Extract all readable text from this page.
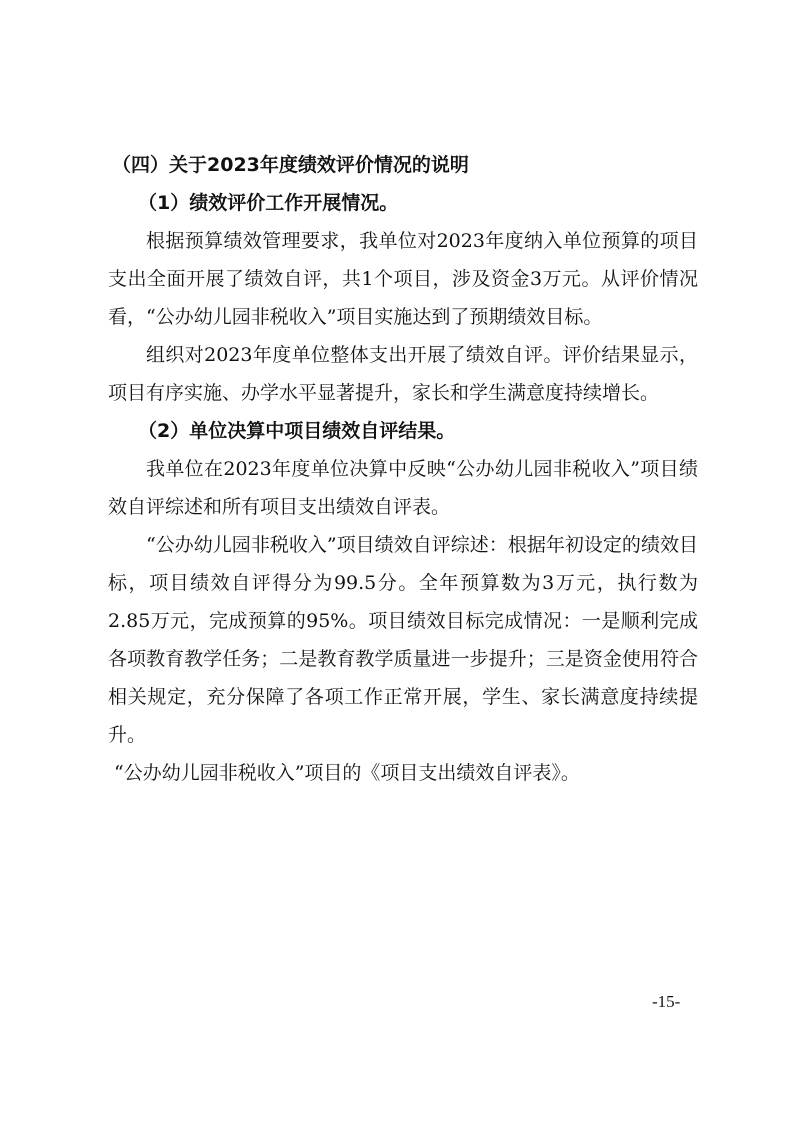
（四）关于2023年度绩效评价情况的说明

（1）绩效评价工作开展情况。

根据预算绩效管理要求，我单位对2023年度纳入单位预算的项目支出全面开展了绩效自评，共1个项目，涉及资金3万元。从评价情况看，“公办幼儿园非税收入”项目实施达到了预期绩效目标。

组织对2023年度单位整体支出开展了绩效自评。评价结果显示，项目有序实施、办学水平显著提升，家长和学生满意度持续增长。

（2）单位决算中项目绩效自评结果。

我单位在2023年度单位决算中反映“公办幼儿园非税收入”项目绩效自评综述和所有项目支出绩效自评表。

“公办幼儿园非税收入”项目绩效自评综述：根据年初设定的绩效目标，项目绩效自评得分为99.5分。全年预算数为3万元，执行数为2.85万元，完成预算的95%。项目绩效目标完成情况：一是顺利完成各项教育教学任务；二是教育教学质量进一步提升；三是资金使用符合相关规定，充分保障了各项工作正常开展，学生、家长满意度持续提升。

“公办幼儿园非税收入”项目的《项目支出绩效自评表》。

-15-
